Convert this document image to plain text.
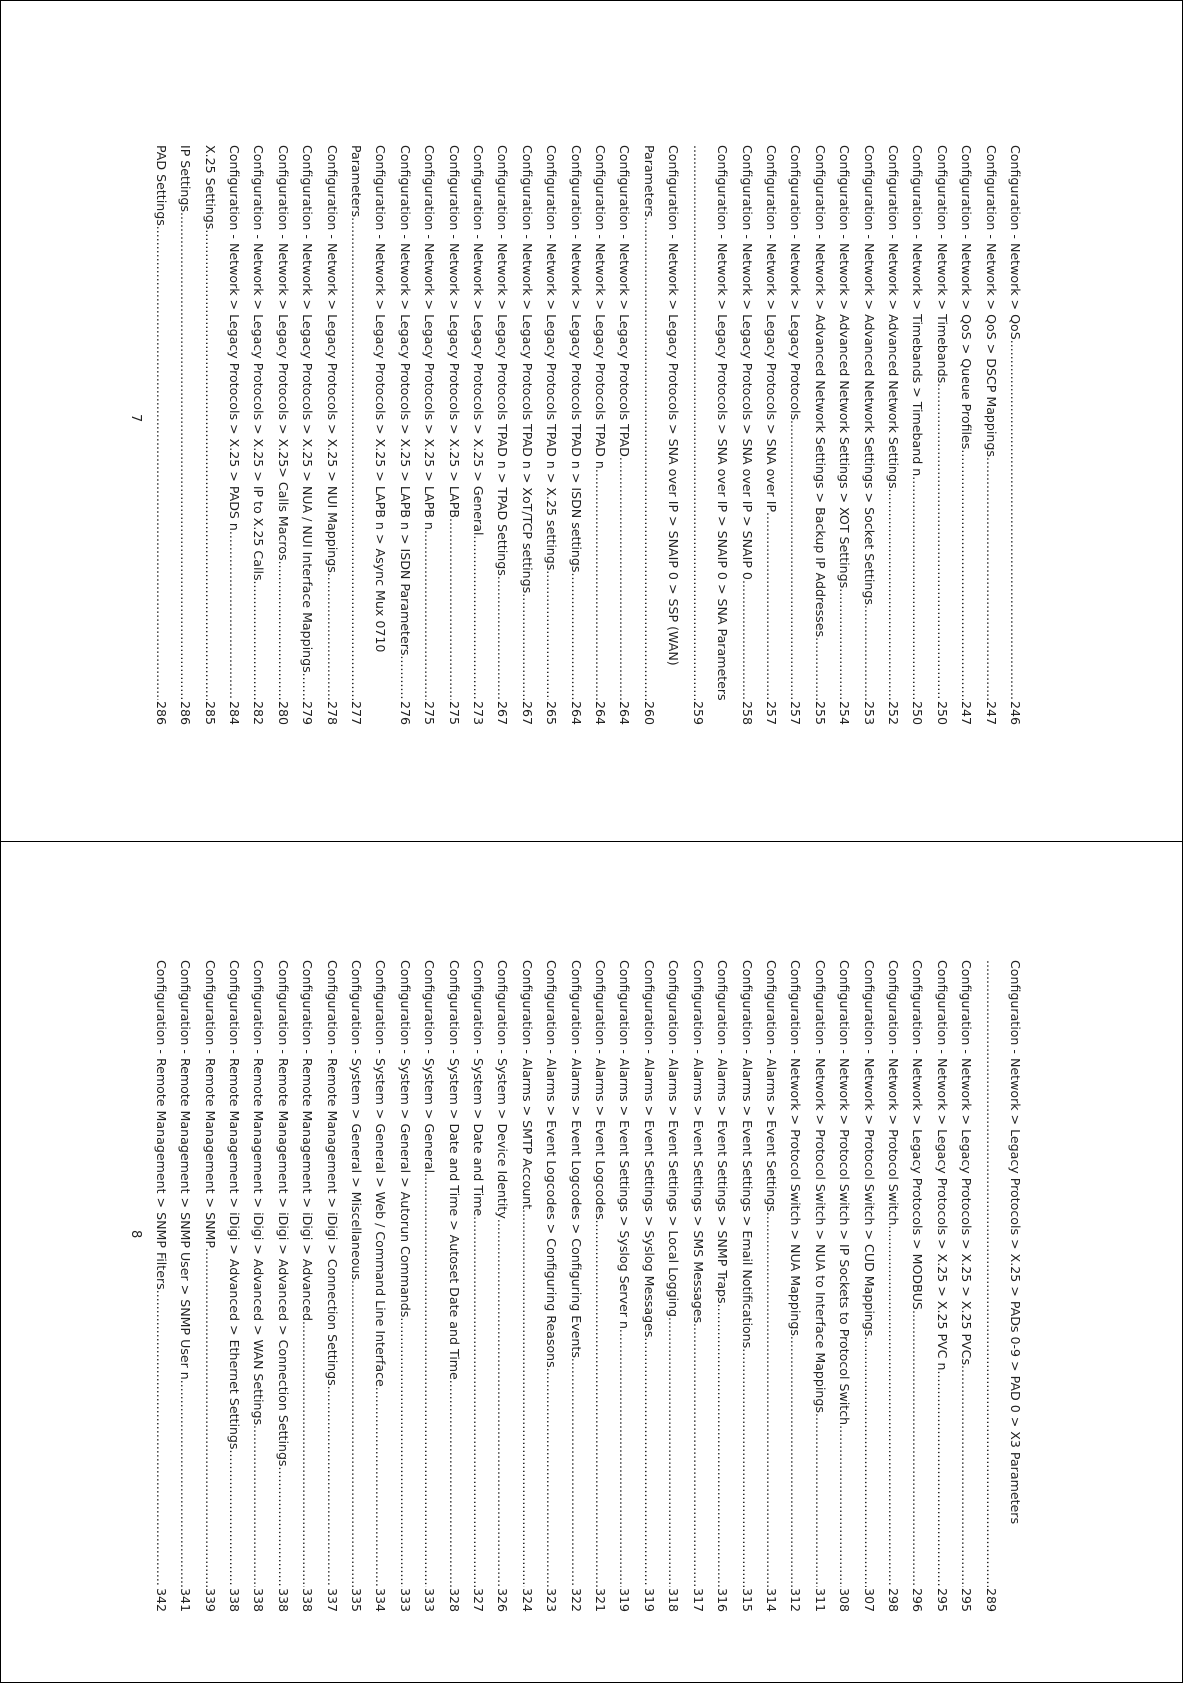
Configuration - Network > QoS
.....
246
Configuration - Network > QoS > DSCP Mappings
.....
247
Configuration - Network > QoS > Queue Profiles
.....
247
Configuration - Network > Timebands
.....
250
Configuration - Network > Timebands > Timeband n
.....
250
Configuration - Network > Advanced Network Settings
.....
252
Configuration - Network > Advanced Network Settings > Socket Settings
.....
253
Configuration - Network > Advanced Network Settings > XOT Settings
.....
254
Configuration - Network > Advanced Network Settings > Backup IP Addresses
.....
255
Configuration - Network > Legacy Protocols
.....
257
Configuration - Network > Legacy Protocols > SNA over IP
.....
257
Configuration - Network > Legacy Protocols > SNA over IP > SNAIP 0
.....
258
Configuration - Network > Legacy Protocols > SNA over IP > SNAIP 0 > SNA Parameters
.....
259
Configuration - Network > Legacy Protocols > SNA over IP > SNAIP 0 > SSP (WAN)
Parameters
.....
260
Configuration - Network > Legacy Protocols TPAD
.....
264
Configuration - Network > Legacy Protocols TPAD n
.....
264
Configuration - Network > Legacy Protocols TPAD n > ISDN settings
.....
264
Configuration - Network > Legacy Protocols TPAD n > X.25 settings
.....
265
Configuration - Network > Legacy Protocols TPAD n > XoT/TCP settings
.....
267
Configuration - Network > Legacy Protocols TPAD n > TPAD Settings
.....
267
Configuration - Network > Legacy Protocols > X.25 > General
.....
273
Configuration - Network > Legacy Protocols > X.25 > LAPB
.....
275
Configuration - Network > Legacy Protocols > X.25 > LAPB n
.....
275
Configuration - Network > Legacy Protocols > X.25 > LAPB n > ISDN Parameters
.....
276
Configuration - Network > Legacy Protocols > X.25 > LAPB n > Async Mux 0710
Parameters
.....
277
Configuration - Network > Legacy Protocols > X.25 > NUI Mappings
.....
278
Configuration - Network > Legacy Protocols > X.25 > NUA / NUI Interface Mappings
.....
279
Configuration - Network > Legacy Protocols > X.25> Calls Macros
.....
280
Configuration - Network > Legacy Protocols > X.25 > IP to X.25 Calls
.....
282
Configuration - Network > Legacy Protocols > X.25 > PADS n
.....
284
X.25 Settings
.....
285
IP Settings
.....
286
PAD Settings
.....
286
7
Configuration - Network > Legacy Protocols > X.25 > PADs 0-9 > PAD 0 > X3 Parameters
.....
289
Configuration - Network > Legacy Protocols > X.25 > X.25 PVCs
.....
295
Configuration - Network > Legacy Protocols > X.25 > X.25 PVC n
.....
295
Configuration - Network > Legacy Protocols > MODBUS
.....
296
Configuration - Network > Protocol Switch
.....
298
Configuration - Network > Protocol Switch > CUD Mappings
.....
307
Configuration - Network > Protocol Switch > IP Sockets to Protocol Switch
.....
308
Configuration - Network > Protocol Switch > NUA to Interface Mappings
.....
311
Configuration - Network > Protocol Switch > NUA Mappings
.....
312
Configuration - Alarms > Event Settings
.....
314
Configuration - Alarms > Event Settings > Email Notifications
.....
315
Configuration - Alarms > Event Settings > SNMP Traps
.....
316
Configuration - Alarms > Event Settings > SMS Messages
.....
317
Configuration - Alarms > Event Settings > Local Logging
.....
318
Configuration - Alarms > Event Settings > Syslog Messages
.....
319
Configuration - Alarms > Event Settings > Syslog Server n
.....
319
Configuration - Alarms > Event Logcodes
.....
321
Configuration - Alarms > Event Logcodes > Configuring Events
.....
322
Configuration - Alarms > Event Logcodes > Configuring Reasons
.....
323
Configuration - Alarms > SMTP Account
.....
324
Configuration - System > Device Identity
.....
326
Configuration - System > Date and Time
.....
327
Configuration - System > Date and Time > Autoset Date and Time
.....
328
Configuration - System > General
.....
333
Configuration - System > General > Autorun Commands
.....
333
Configuration - System > General > Web / Command Line Interface
.....
334
Configuration - System > General > Miscellaneous
.....
335
Configuration - Remote Management > iDigi > Connection Settings
.....
337
Configuration - Remote Management > iDigi > Advanced
.....
338
Configuration - Remote Management > iDigi > Advanced > Connection Settings
.....
338
Configuration - Remote Management > iDigi > Advanced > WAN Settings
.....
338
Configuration - Remote Management > iDigi > Advanced > Ethernet Settings
.....
338
Configuration - Remote Management > SNMP
.....
339
Configuration - Remote Management > SNMP User > SNMP User n
.....
341
Configuration - Remote Management > SNMP Filters
.....
342
8
